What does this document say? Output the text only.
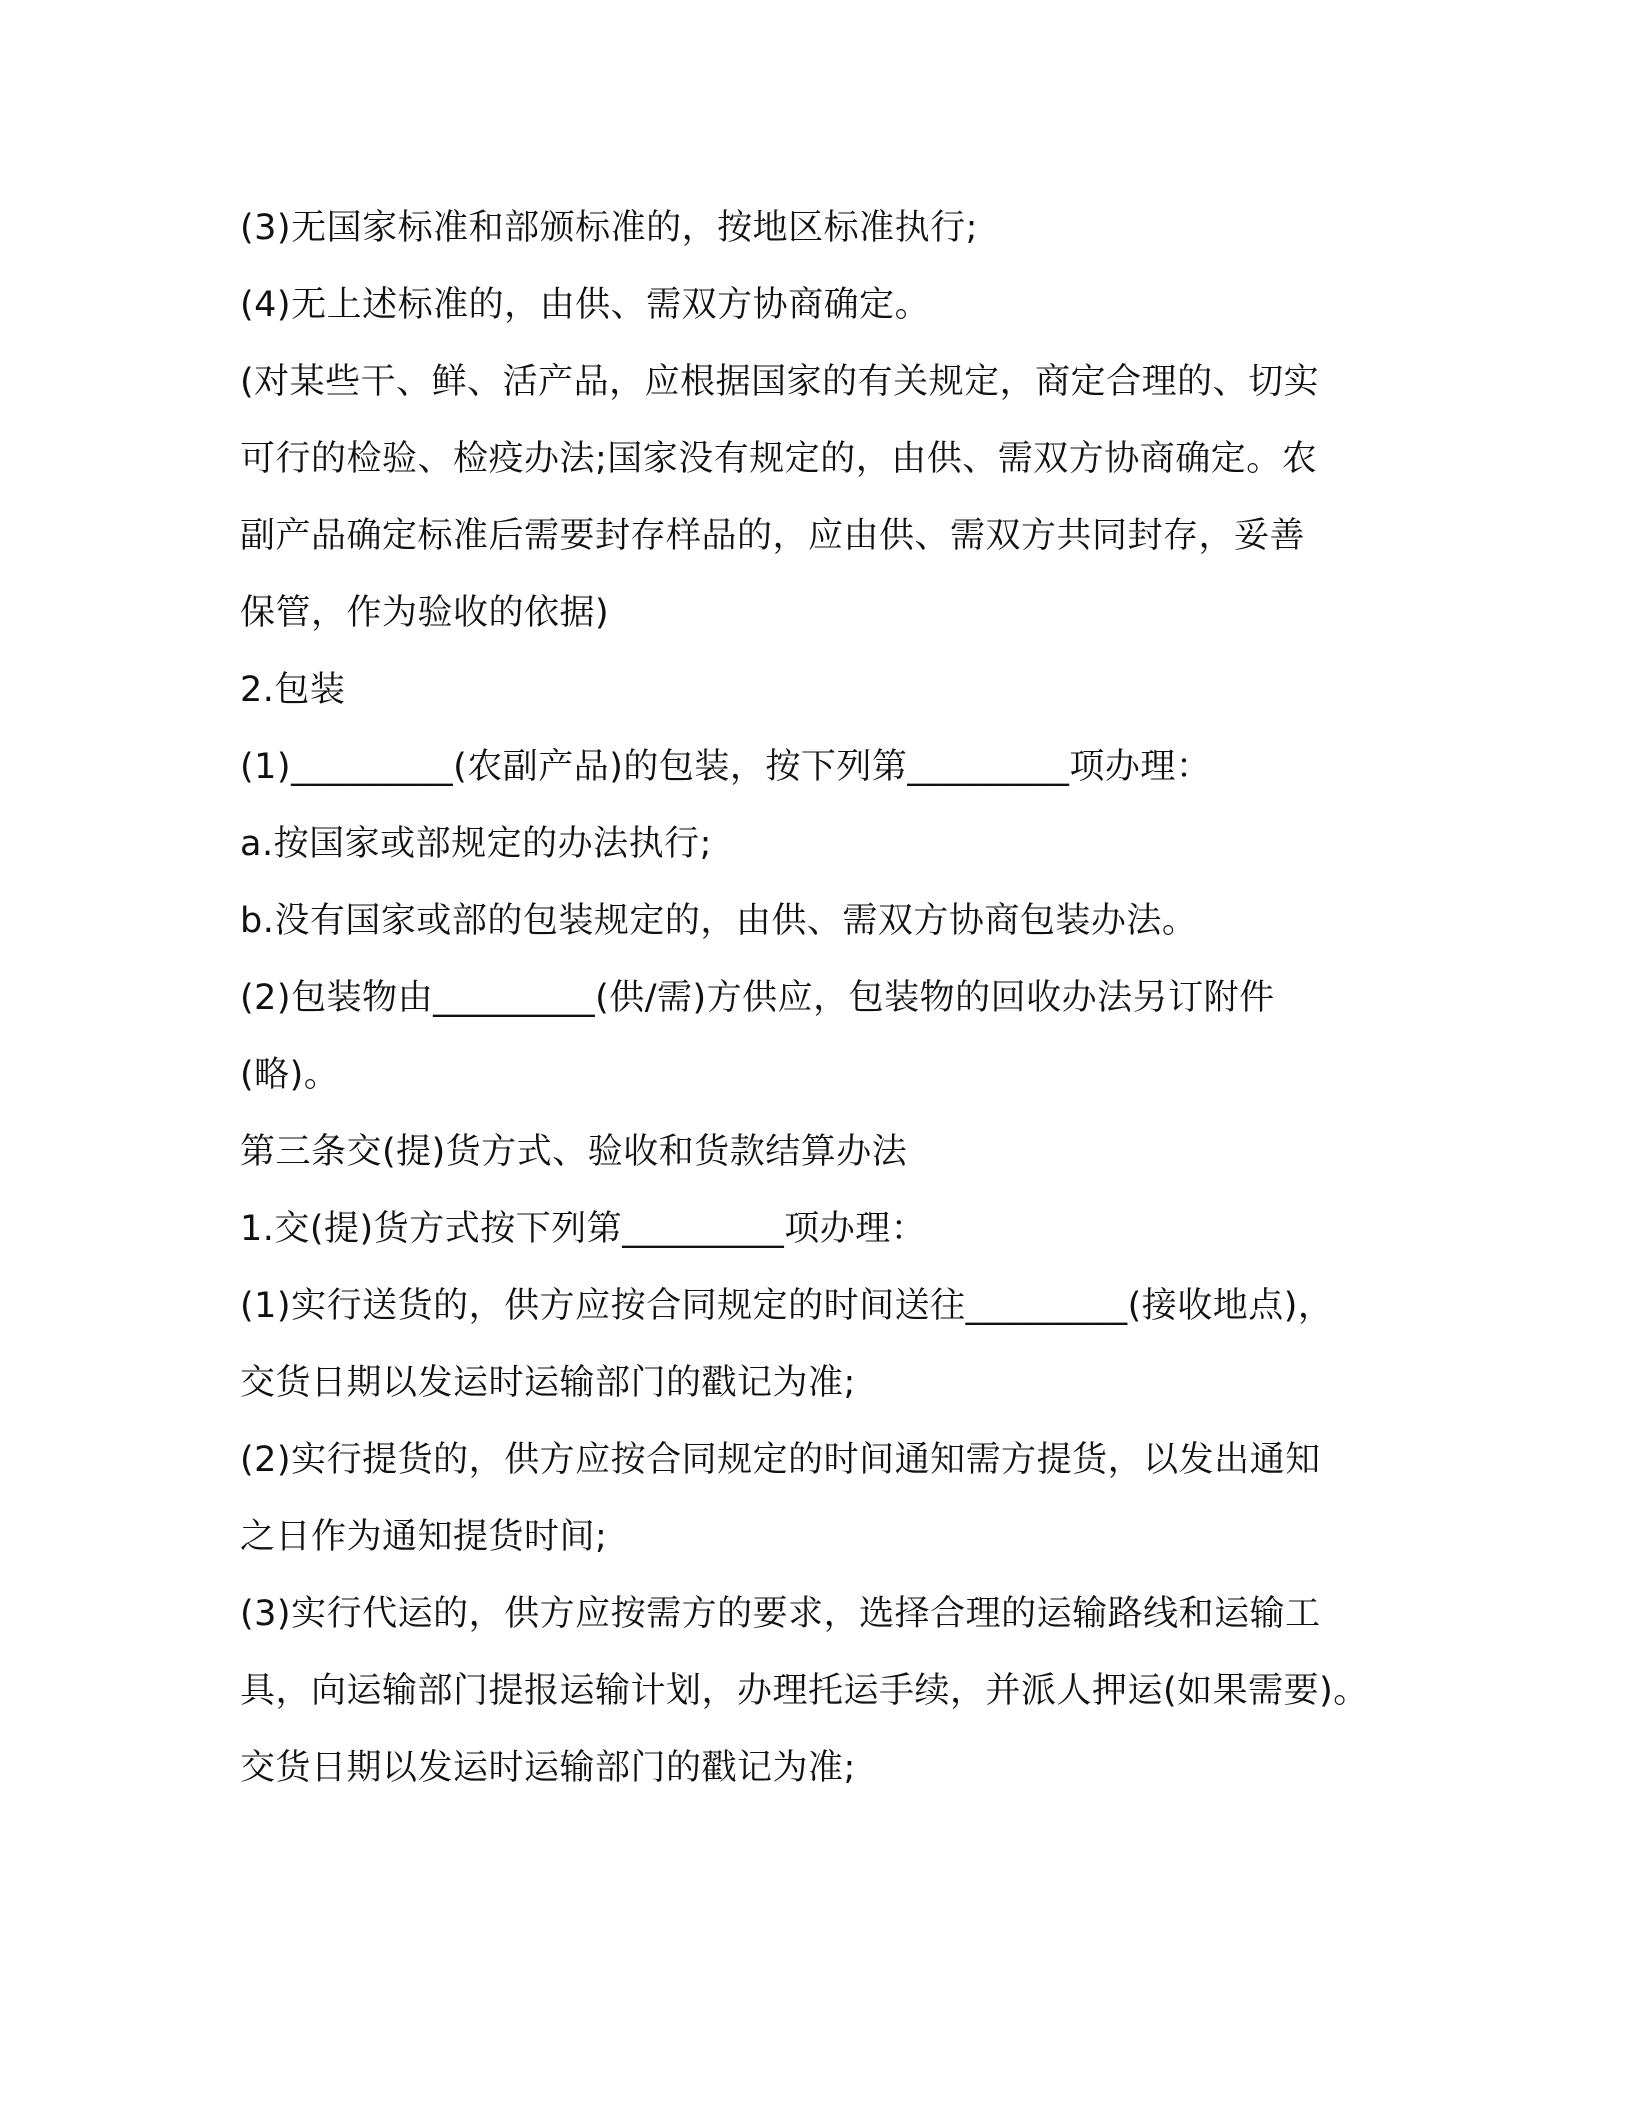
(3)无国家标准和部颁标准的，按地区标准执行;
(4)无上述标准的，由供、需双方协商确定。
(对某些干、鲜、活产品，应根据国家的有关规定，商定合理的、切实
可行的检验、检疫办法;国家没有规定的，由供、需双方协商确定。农
副产品确定标准后需要封存样品的，应由供、需双方共同封存，妥善
保管，作为验收的依据)
2.包装
(1)_________(农副产品)的包装，按下列第_________项办理：
a.按国家或部规定的办法执行;
b.没有国家或部的包装规定的，由供、需双方协商包装办法。
(2)包装物由_________(供/需)方供应，包装物的回收办法另订附件
(略)。
第三条交(提)货方式、验收和货款结算办法
1.交(提)货方式按下列第_________项办理：
(1)实行送货的，供方应按合同规定的时间送往_________(接收地点)，
交货日期以发运时运输部门的戳记为准;
(2)实行提货的，供方应按合同规定的时间通知需方提货，以发出通知
之日作为通知提货时间;
(3)实行代运的，供方应按需方的要求，选择合理的运输路线和运输工
具，向运输部门提报运输计划，办理托运手续，并派人押运(如果需要)。
交货日期以发运时运输部门的戳记为准;
